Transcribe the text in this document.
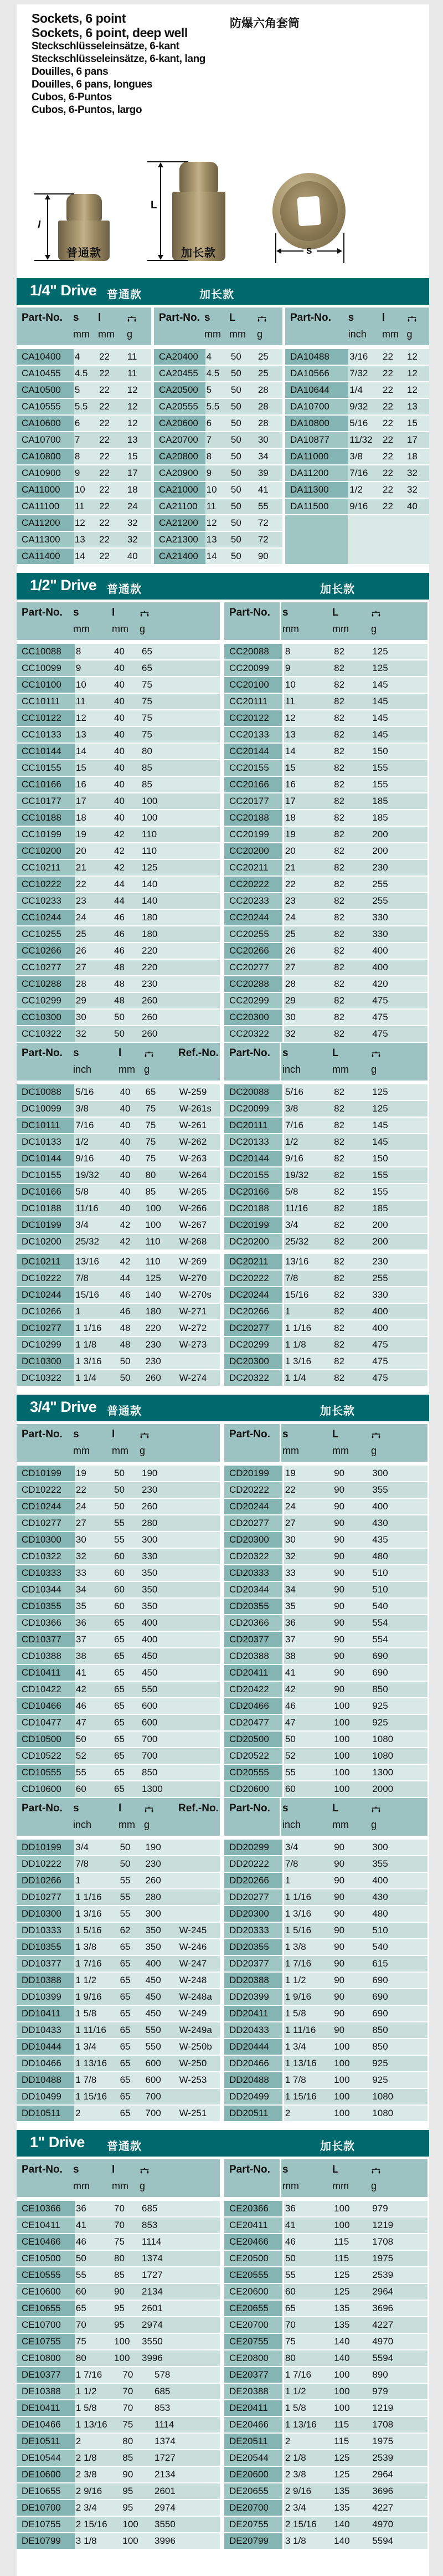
Sockets, 6 point
Sockets, 6 point, deep well
Steckschlüsseleinsätze, 6-kant
Steckschlüsseleinsätze, 6-kant, lang
Douilles, 6 pans
Douilles, 6 pans, longues
Cubos, 6-Puntos
Cubos, 6-Puntos, largo
防爆六角套筒
l
L
s
普通款	加长款
1/4" Drive 普通款	加长款
Part-No.	s
mm
l
mm	g
CA10400	4	22	11
CA10455	4.5	22	11
CA10500	5	22	12
CA10555	5.5	22	12
CA10600	6	22	12
CA10700	7	22	13
CA10800	8	22	15
CA10900	9	22	17
CA11000	10	22	18
CA11100	11	22	24
CA11200	12	22	32
CA11300	13	22	32
CA11400	14	22	40
Part-No. s
mm
L
mm	g
CA20400 4	50	25
CA20455 4.5	50	25
CA20500 5	50	28
CA20555 5.5	50	28
CA20600 6	50	28
CA20700 7	50	30
CA20800 8	50	34
CA20900 9	50	39
CA21000 10	50	41
CA21100 11	50	55
CA21200 12	50	72
CA21300 13	50	72
CA21400 14	50	90
Part-No.	s
inch
l
mm g
DA10488	3/16	22	12
DA10566	7/32	22	12
DA10644	1/4	22	12
DA10700	9/32	22	13
DA10800	5/16	22	15
DA10877	11/32	22	17
DA11000	3/8	22	18
DA11200	7/16	22	32
DA11300	1/2	22	32
DA11500	9/16	22	40
1/2" Drive 普通款	加长款
Part-No.	s
mm
l
mm	g
CC10088	8	40	65
CC10099	9	40	65
CC10100	10	40	75
CC10111	11	40	75
CC10122	12	40	75
CC10133	13	40	75
CC10144	14	40	80
CC10155	15	40	85
CC10166	16	40	85
CC10177	17	40	100
CC10188	18	40	100
CC10199	19	42	110
CC10200	20	42	110
CC10211	21	42	125
CC10222	22	44	140
CC10233	23	44	140
CC10244	24	46	180
CC10255	25	46	180
CC10266	26	46	220
CC10277	27	48	220
CC10288	28	48	230
CC10299	29	48	260
CC10300	30	50	260
CC10322	32	50	260
Part-No.	s
mm
L
mm	g
CC20088	8	82	125
CC20099	9	82	125
CC20100	10	82	145
CC20111	11	82	145
CC20122	12	82	145
CC20133	13	82	145
CC20144	14	82	150
CC20155	15	82	155
CC20166	16	82	155
CC20177	17	82	185
CC20188	18	82	185
CC20199	19	82	200
CC20200	20	82	200
CC20211	21	82	230
CC20222	22	82	255
CC20233	23	82	255
CC20244	24	82	330
CC20255	25	82	330
CC20266	26	82	400
CC20277	27	82	400
CC20288	28	82	420
CC20299	29	82	475
CC20300	30	82	475
CC20322	32	82	475
Part-No.	s
inch
l
mm g
Ref.-No.
DC10088	5/16	40	65	W-259
DC10099	3/8	40	75	W-261s
DC10111	7/16	40	75	W-261
DC10133	1/2	40	75	W-262
DC10144	9/16	40	75	W-263
DC10155	19/32	40	80	W-264
DC10166	5/8	40	85	W-265
DC10188	11/16	40	100	W-266
DC10199	3/4	42	100	W-267
DC10200	25/32	42	110	W-268
DC10211	13/16	42	110	W-269
DC10222	7/8	44	125	W-270
DC10244	15/16	46	140	W-270s
DC10266	1	46	180	W-271
DC10277	1 1/16	48	220	W-272
DC10299	1 1/8	48	230	W-273
DC10300	1 3/16	50	230
DC10322	1 1/4	50	260	W-274
Part-No.	s
inch
L
mm	g
DC20088	5/16	82	125
DC20099	3/8	82	125
DC20111	7/16	82	145
DC20133	1/2	82	145
DC20144	9/16	82	150
DC20155	19/32	82	155
DC20166	5/8	82	155
DC20188	11/16	82	185
DC20199	3/4	82	200
DC20200	25/32	82	200
DC20211	13/16	82	230
DC20222	7/8	82	255
DC20244	15/16	82	330
DC20266	1	82	400
DC20277	1 1/16	82	400
DC20299	1 1/8	82	475
DC20300	1 3/16	82	475
DC20322	1 1/4	82	475
3/4" Drive 普通款	加长款
Part-No.	s
mm
l
mm	g
CD10199	19	50	190
CD10222	22	50	230
CD10244	24	50	260
CD10277	27	55	280
CD10300	30	55	300
CD10322	32	60	330
CD10333	33	60	350
CD10344	34	60	350
CD10355	35	60	350
CD10366	36	65	400
CD10377	37	65	400
CD10388	38	65	450
CD10411	41	65	450
CD10422	42	65	550
CD10466	46	65	600
CD10477	47	65	600
CD10500	50	65	700
CD10522	52	65	700
CD10555	55	65	850
CD10600	60	65	1300
Part-No.	s
mm
L
mm	g
CD20199	19	90	300
CD20222	22	90	355
CD20244	24	90	400
CD20277	27	90	430
CD20300	30	90	435
CD20322	32	90	480
CD20333	33	90	510
CD20344	34	90	510
CD20355	35	90	540
CD20366	36	90	554
CD20377	37	90	554
CD20388	38	90	690
CD20411	41	90	690
CD20422	42	90	850
CD20466	46	100	925
CD20477	47	100	925
CD20500	50	100	1080
CD20522	52	100	1080
CD20555	55	100	1300
CD20600	60	100	2000
Part-No.	s
inch
l
mm g
Ref.-No.
DD10199	3/4	50	190
DD10222	7/8	50	230
DD10266	1	55	260
DD10277	1 1/16	55	280
DD10300	1 3/16	55	300
DD10333	1 5/16	62	350	W-245
DD10355	1 3/8	65	350	W-246
DD10377	1 7/16	65	400	W-247
DD10388	1 1/2	65	450	W-248
DD10399	1 9/16	65	450	W-248a
DD10411	1 5/8	65	450	W-249
DD10433	1 11/16	65	550	W-249a
DD10444	1 3/4	65	550	W-250b
DD10466	1 13/16	65	600	W-250
DD10488	1 7/8	65	600	W-253
DD10499	1 15/16	65	700
DD10511	2	65	700	W-251
Part-No.	s
inch
L
mm	g
DD20299	3/4	90	300
DD20222	7/8	90	355
DD20266	1	90	400
DD20277	1 1/16	90	430
DD20300	1 3/16	90	480
DD20333	1 5/16	90	510
DD20355	1 3/8	90	540
DD20377	1 7/16	90	615
DD20388	1 1/2	90	690
DD20399	1 9/16	90	690
DD20411	1 5/8	90	690
DD20433	1 11/16	90	850
DD20444	1 3/4	100	850
DD20466	1 13/16	100	925
DD20488	1 7/8	100	925
DD20499	1 15/16	100	1080
DD20511	2	100	1080
1" Drive 普通款	加长款
Part-No.	s
mm
l
mm	g
CE10366	36	70	685
CE10411	41	70	853
CE10466	46	75	1114
CE10500	50	80	1374
CE10555	55	85	1727
CE10600	60	90	2134
CE10655	65	95	2601
CE10700	70	95	2974
CE10755	75	100	3550
CE10800	80	100	3996
Part-No.	s
mm
L
mm	g
CE20366	36	100	979
CE20411	41	100	1219
CE20466	46	115	1708
CE20500	50	115	1975
CE20555	55	125	2539
CE20600	60	125	2964
CE20655	65	135	3696
CE20700	70	135	4227
CE20755	75	140	4970
CE20800	80	140	5594
DE10377	1 7/16	70	578
DE10388	1 1/2	70	685
DE10411	1 5/8	70	853
DE10466	1 13/16	75	1114
DE10511	2	80	1374
DE10544	2 1/8	85	1727
DE10600	2 3/8	90	2134
DE10655	2 9/16	95	2601
DE10700	2 3/4	95	2974
DE10755	2 15/16	100	3550
DE10799	3 1/8	100	3996
DE20377	1 7/16	100	890
DE20388	1 1/2	100	979
DE20411	1 5/8	100	1219
DE20466	1 13/16	115	1708
DE20511	2	115	1975
DE20544	2 1/8	125	2539
DE20600	2 3/8	125	2964
DE20655	2 9/16	135	3696
DE20700	2 3/4	135	4227
DE20755	2 15/16	140	4970
DE20799	3 1/8	140	5594
